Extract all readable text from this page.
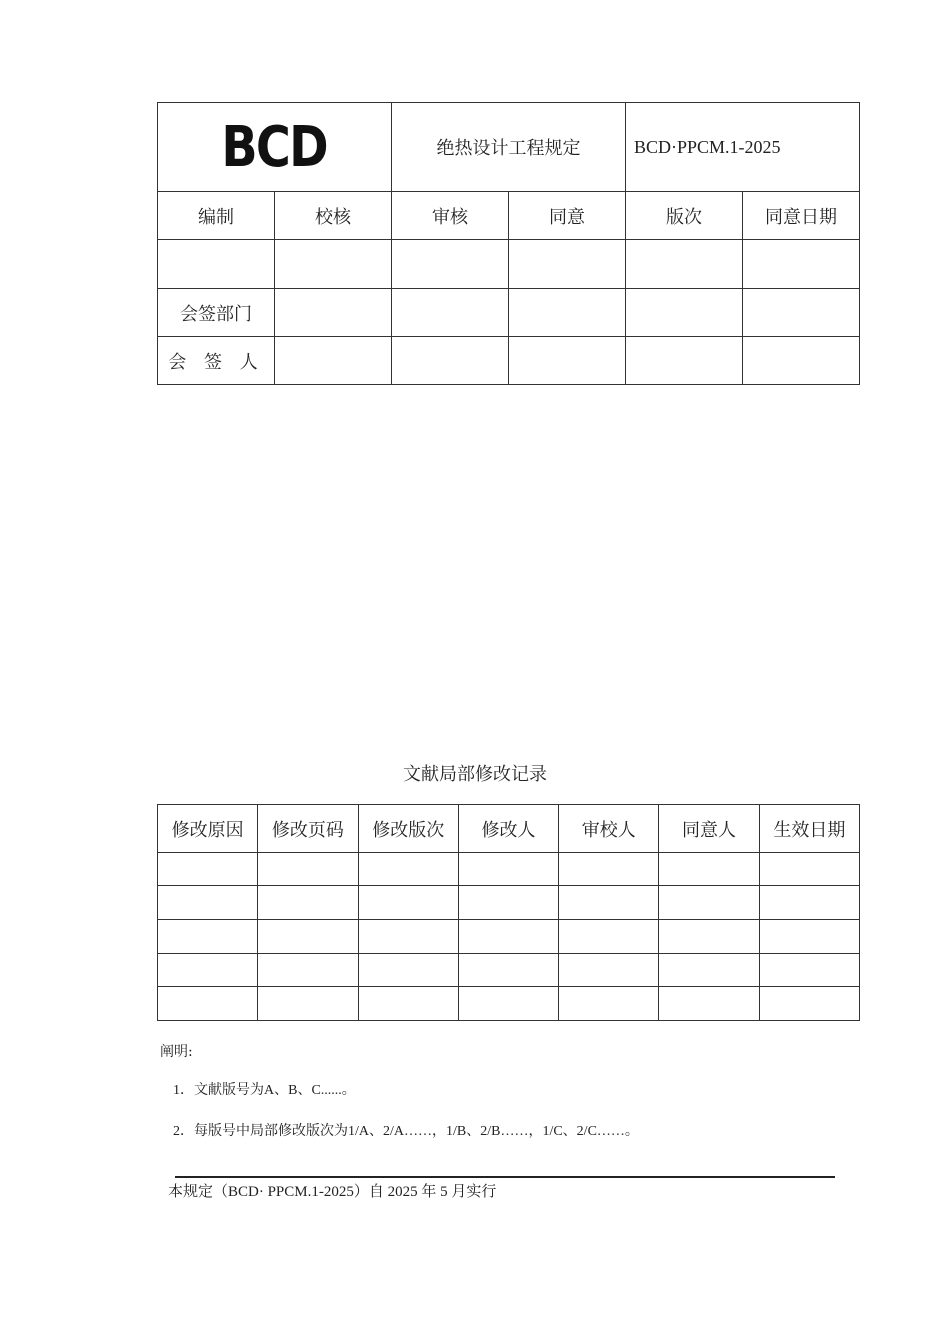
BCD		绝热设计工程规定		BCD·PPCM.1-2025	
编制	校核	审核	同意	版次	同意日期

会签部门					
会 签 人					
文献局部修改记录
修改原因	修改页码	修改版次	修改人	审校人	同意人	生效日期

阐明:
1．文献版号为A、B、C......。
2．每版号中局部修改版次为1/A、2/A……，1/B、2/B……，1/C、2/C……。
本规定（BCD· PPCM.1-2025）自 2025 年 5 月实行
